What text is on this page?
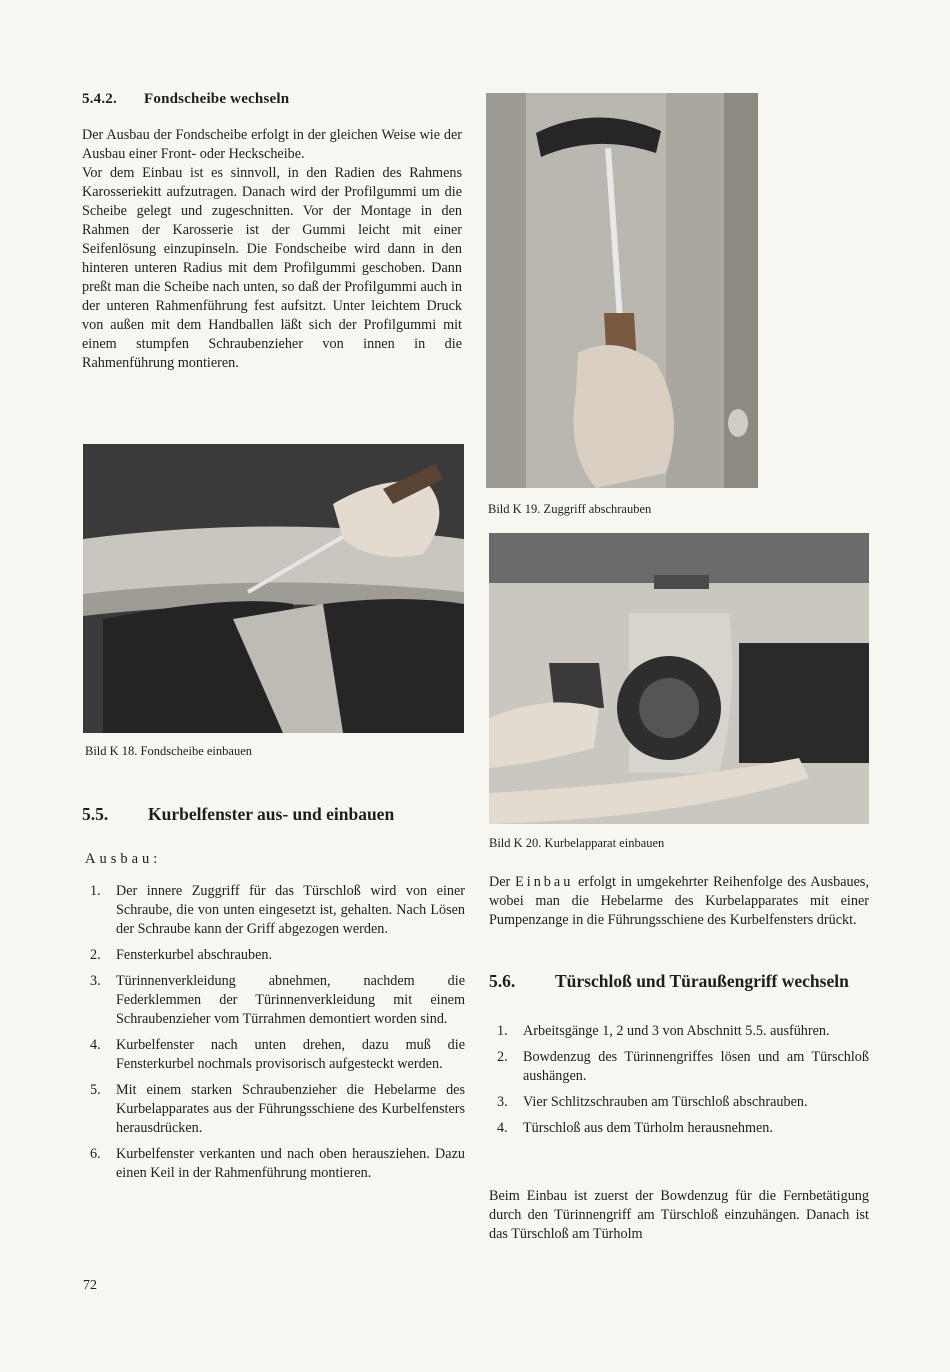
5.4.2. Fondscheibe wechseln

Der Ausbau der Fondscheibe erfolgt in der gleichen Weise wie der Ausbau einer Front- oder Heckscheibe.

Vor dem Einbau ist es sinnvoll, in den Radien des Rahmens Karosseriekitt aufzutragen. Danach wird der Profilgummi um die Scheibe gelegt und zugeschnitten. Vor der Montage in den Rahmen der Karosserie ist der Gummi leicht mit einer Seifenlösung einzupinseln. Die Fondscheibe wird dann in den hinteren unteren Radius mit dem Profilgummi geschoben. Dann preßt man die Scheibe nach unten, so daß der Profilgummi auch in der unteren Rahmenführung fest aufsitzt. Unter leichtem Druck von außen mit dem Handballen läßt sich der Profilgummi mit einem stumpfen Schraubenzieher von innen in die Rahmenführung montieren.

Bild K 19. Zuggriff abschrauben
Bild K 18. Fondscheibe einbauen
Bild K 20. Kurbelapparat einbauen
5.5. Kurbelfenster aus- und einbauen
Ausbau:
1. Der innere Zuggriff für das Türschloß wird von einer Schraube, die von unten eingesetzt ist, gehalten. Nach Lösen der Schraube kann der Griff abgezogen werden.
2. Fensterkurbel abschrauben.
3. Türinnenverkleidung abnehmen, nachdem die Federklemmen der Türinnenverkleidung mit einem Schraubenzieher vom Türrahmen demontiert worden sind.
4. Kurbelfenster nach unten drehen, dazu muß die Fensterkurbel nochmals provisorisch aufgesteckt werden.
5. Mit einem starken Schraubenzieher die Hebelarme des Kurbelapparates aus der Führungsschiene des Kurbelfensters herausdrücken.
6. Kurbelfenster verkanten und nach oben herausziehen. Dazu einen Keil in der Rahmenführung montieren.
Der Einbau erfolgt in umgekehrter Reihenfolge des Ausbaues, wobei man die Hebelarme des Kurbelapparates mit einer Pumpenzange in die Führungsschiene des Kurbelfensters drückt.
5.6. Türschloß und Türaußengriff wechseln
1. Arbeitsgänge 1, 2 und 3 von Abschnitt 5.5. ausführen.
2. Bowdenzug des Türinnengriffes lösen und am Türschloß aushängen.
3. Vier Schlitzschrauben am Türschloß abschrauben.
4. Türschloß aus dem Türholm herausnehmen.
Beim Einbau ist zuerst der Bowdenzug für die Fernbetätigung durch den Türinnengriff am Türschloß einzuhängen. Danach ist das Türschloß am Türholm
72
